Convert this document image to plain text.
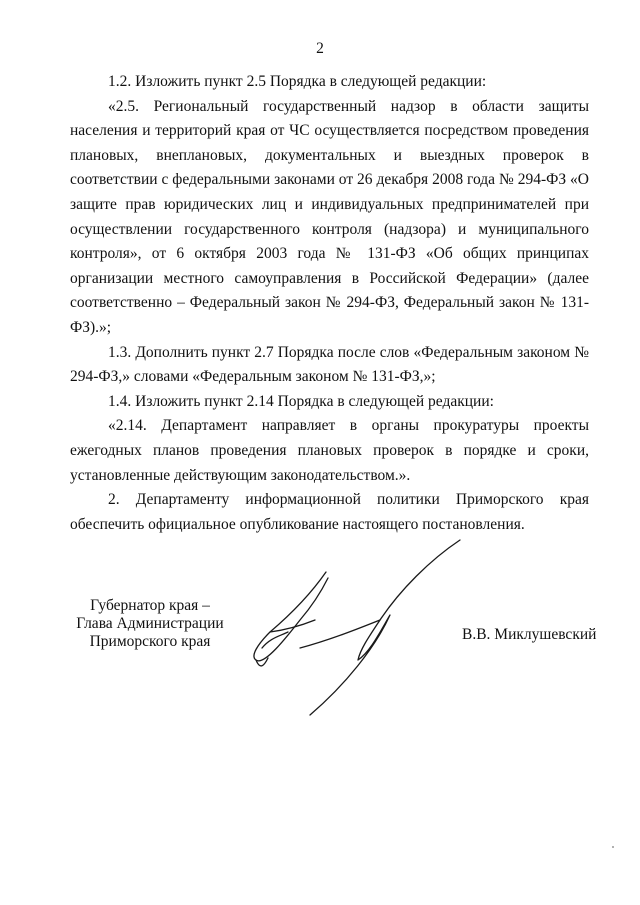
2

1.2. Изложить пункт 2.5 Порядка в следующей редакции:

«2.5. Региональный государственный надзор в области защиты населения и территорий края от ЧС осуществляется посредством проведения плановых, внеплановых, документальных и выездных проверок в соответствии с федеральными законами от 26 декабря 2008 года № 294-ФЗ «О защите прав юридических лиц и индивидуальных предпринимателей при осуществлении государственного контроля (надзора) и муниципального контроля», от 6 октября 2003 года № 131-ФЗ «Об общих принципах организации местного самоуправления в Российской Федерации» (далее соответственно – Федеральный закон № 294-ФЗ, Федеральный закон № 131-ФЗ).»;

1.3. Дополнить пункт 2.7 Порядка после слов «Федеральным законом № 294-ФЗ,» словами «Федеральным законом № 131-ФЗ,»;

1.4. Изложить пункт 2.14 Порядка в следующей редакции:

«2.14. Департамент направляет в органы прокуратуры проекты ежегодных планов проведения плановых проверок в порядке и сроки, установленные действующим законодательством.».

2. Департаменту информационной политики Приморского края обеспечить официальное опубликование настоящего постановления.

Губернатор края –
Глава Администрации
Приморского края	В.В. Миклушевский
